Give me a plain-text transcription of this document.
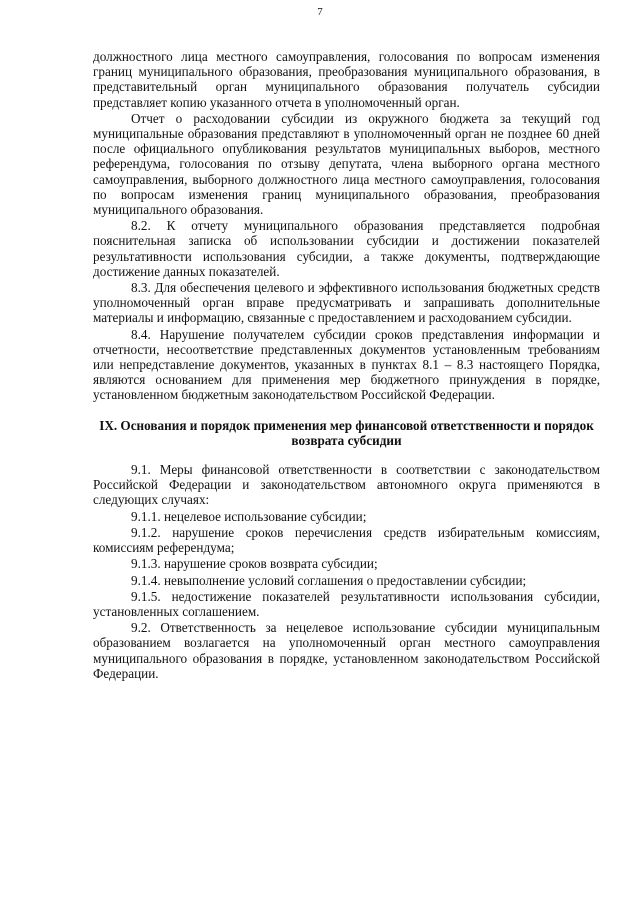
7

должностного лица местного самоуправления, голосования по вопросам изменения границ муниципального образования, преобразования муниципального образования, в представительный орган муниципального образования получатель субсидии представляет копию указанного отчета в уполномоченный орган.

Отчет о расходовании субсидии из окружного бюджета за текущий год муниципальные образования представляют в уполномоченный орган не позднее 60 дней после официального опубликования результатов муниципальных выборов, местного референдума, голосования по отзыву депутата, члена выборного органа местного самоуправления, выборного должностного лица местного самоуправления, голосования по вопросам изменения границ муниципального образования, преобразования муниципального образования.

8.2. К отчету муниципального образования представляется подробная пояснительная записка об использовании субсидии и достижении показателей результативности использования субсидии, а также документы, подтверждающие достижение данных показателей.

8.3. Для обеспечения целевого и эффективного использования бюджетных средств уполномоченный орган вправе предусматривать и запрашивать дополнительные материалы и информацию, связанные с предоставлением и расходованием субсидии.

8.4. Нарушение получателем субсидии сроков представления информации и отчетности, несоответствие представленных документов установленным требованиям или непредставление документов, указанных в пунктах 8.1 – 8.3 настоящего Порядка, являются основанием для применения мер бюджетного принуждения в порядке, установленном бюджетным законодательством Российской Федерации.

IX. Основания и порядок применения мер финансовой ответственности и порядок возврата субсидии

9.1. Меры финансовой ответственности в соответствии с законодательством Российской Федерации и законодательством автономного округа применяются в следующих случаях:

9.1.1. нецелевое использование субсидии;

9.1.2. нарушение сроков перечисления средств избирательным комиссиям, комиссиям референдума;

9.1.3. нарушение сроков возврата субсидии;

9.1.4. невыполнение условий соглашения о предоставлении субсидии;

9.1.5. недостижение показателей результативности использования субсидии, установленных соглашением.

9.2. Ответственность за нецелевое использование субсидии муниципальным образованием возлагается на уполномоченный орган местного самоуправления муниципального образования в порядке, установленном законодательством Российской Федерации.
